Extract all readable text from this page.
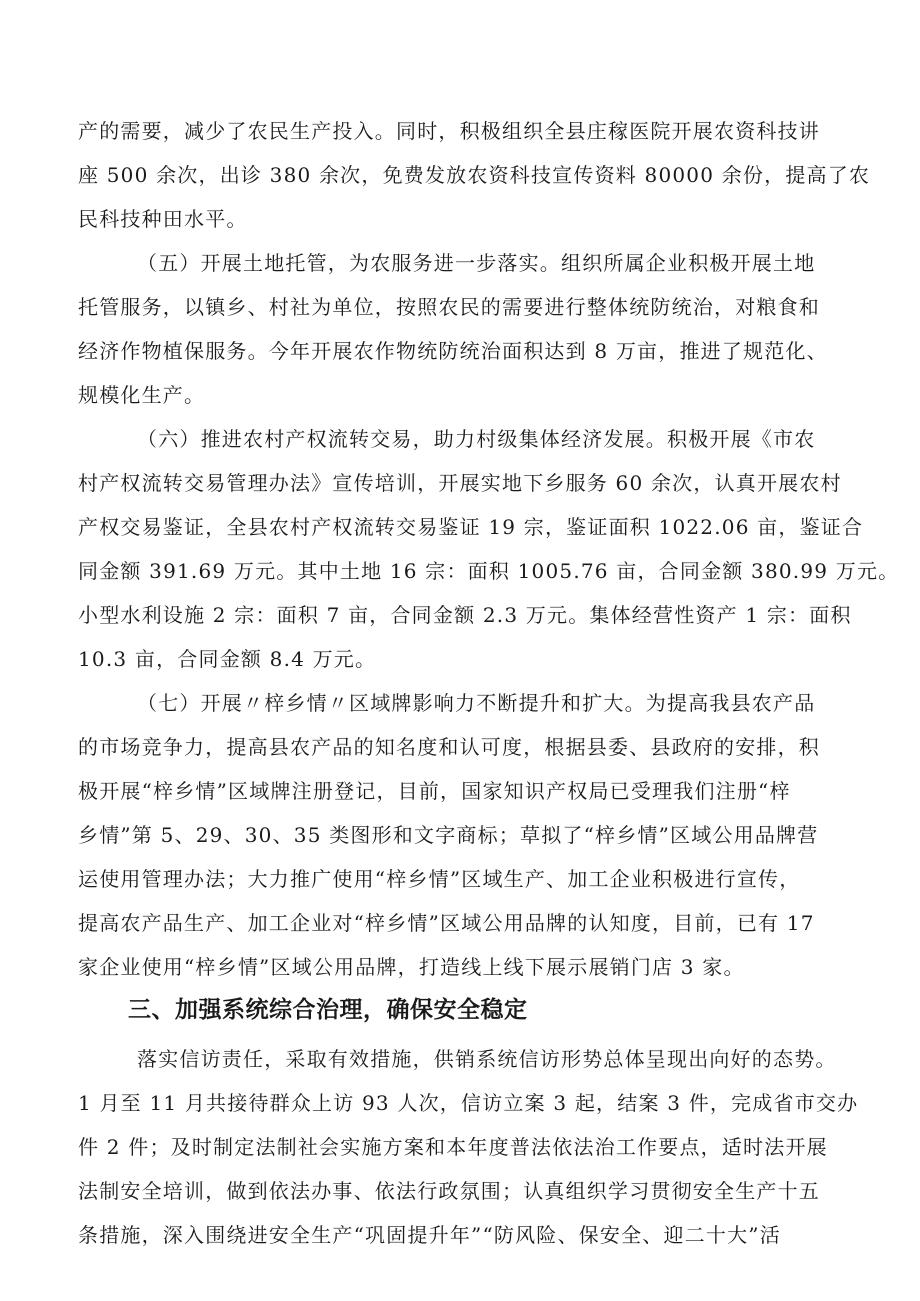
产的需要，减少了农民生产投入。同时，积极组织全县庄稼医院开展农资科技讲
座 500 余次，出诊 380 余次，免费发放农资科技宣传资料 80000 余份，提高了农
民科技种田水平。
（五）开展土地托管，为农服务进一步落实。组织所属企业积极开展土地
托管服务，以镇乡、村社为单位，按照农民的需要进行整体统防统治，对粮食和
经济作物植保服务。今年开展农作物统防统治面积达到 8 万亩，推进了规范化、
规模化生产。
（六）推进农村产权流转交易，助力村级集体经济发展。积极开展《市农
村产权流转交易管理办法》宣传培训，开展实地下乡服务 60 余次，认真开展农村
产权交易鉴证，全县农村产权流转交易鉴证 19 宗，鉴证面积 1022.06 亩，鉴证合
同金额 391.69 万元。其中土地 16 宗：面积 1005.76 亩，合同金额 380.99 万元。
小型水利设施 2 宗：面积 7 亩，合同金额 2.3 万元。集体经营性资产 1 宗：面积
10.3 亩，合同金额 8.4 万元。
（七）开展〃梓乡情〃区域牌影响力不断提升和扩大。为提高我县农产品
的市场竞争力，提高县农产品的知名度和认可度，根据县委、县政府的安排，积
极开展“梓乡情”区域牌注册登记，目前，国家知识产权局已受理我们注册“梓
乡情”第 5、29、30、35 类图形和文字商标；草拟了“梓乡情”区域公用品牌营
运使用管理办法；大力推广使用“梓乡情”区域生产、加工企业积极进行宣传，
提高农产品生产、加工企业对“梓乡情”区域公用品牌的认知度，目前，已有 17
家企业使用“梓乡情”区域公用品牌，打造线上线下展示展销门店 3 家。
三、加强系统综合治理，确保安全稳定
落实信访责任，采取有效措施，供销系统信访形势总体呈现出向好的态势。
1 月至 11 月共接待群众上访 93 人次，信访立案 3 起，结案 3 件，完成省市交办
件 2 件；及时制定法制社会实施方案和本年度普法依法治工作要点，适时法开展
法制安全培训，做到依法办事、依法行政氛围；认真组织学习贯彻安全生产十五
条措施，深入围绕进安全生产“巩固提升年”“防风险、保安全、迎二十大”活
